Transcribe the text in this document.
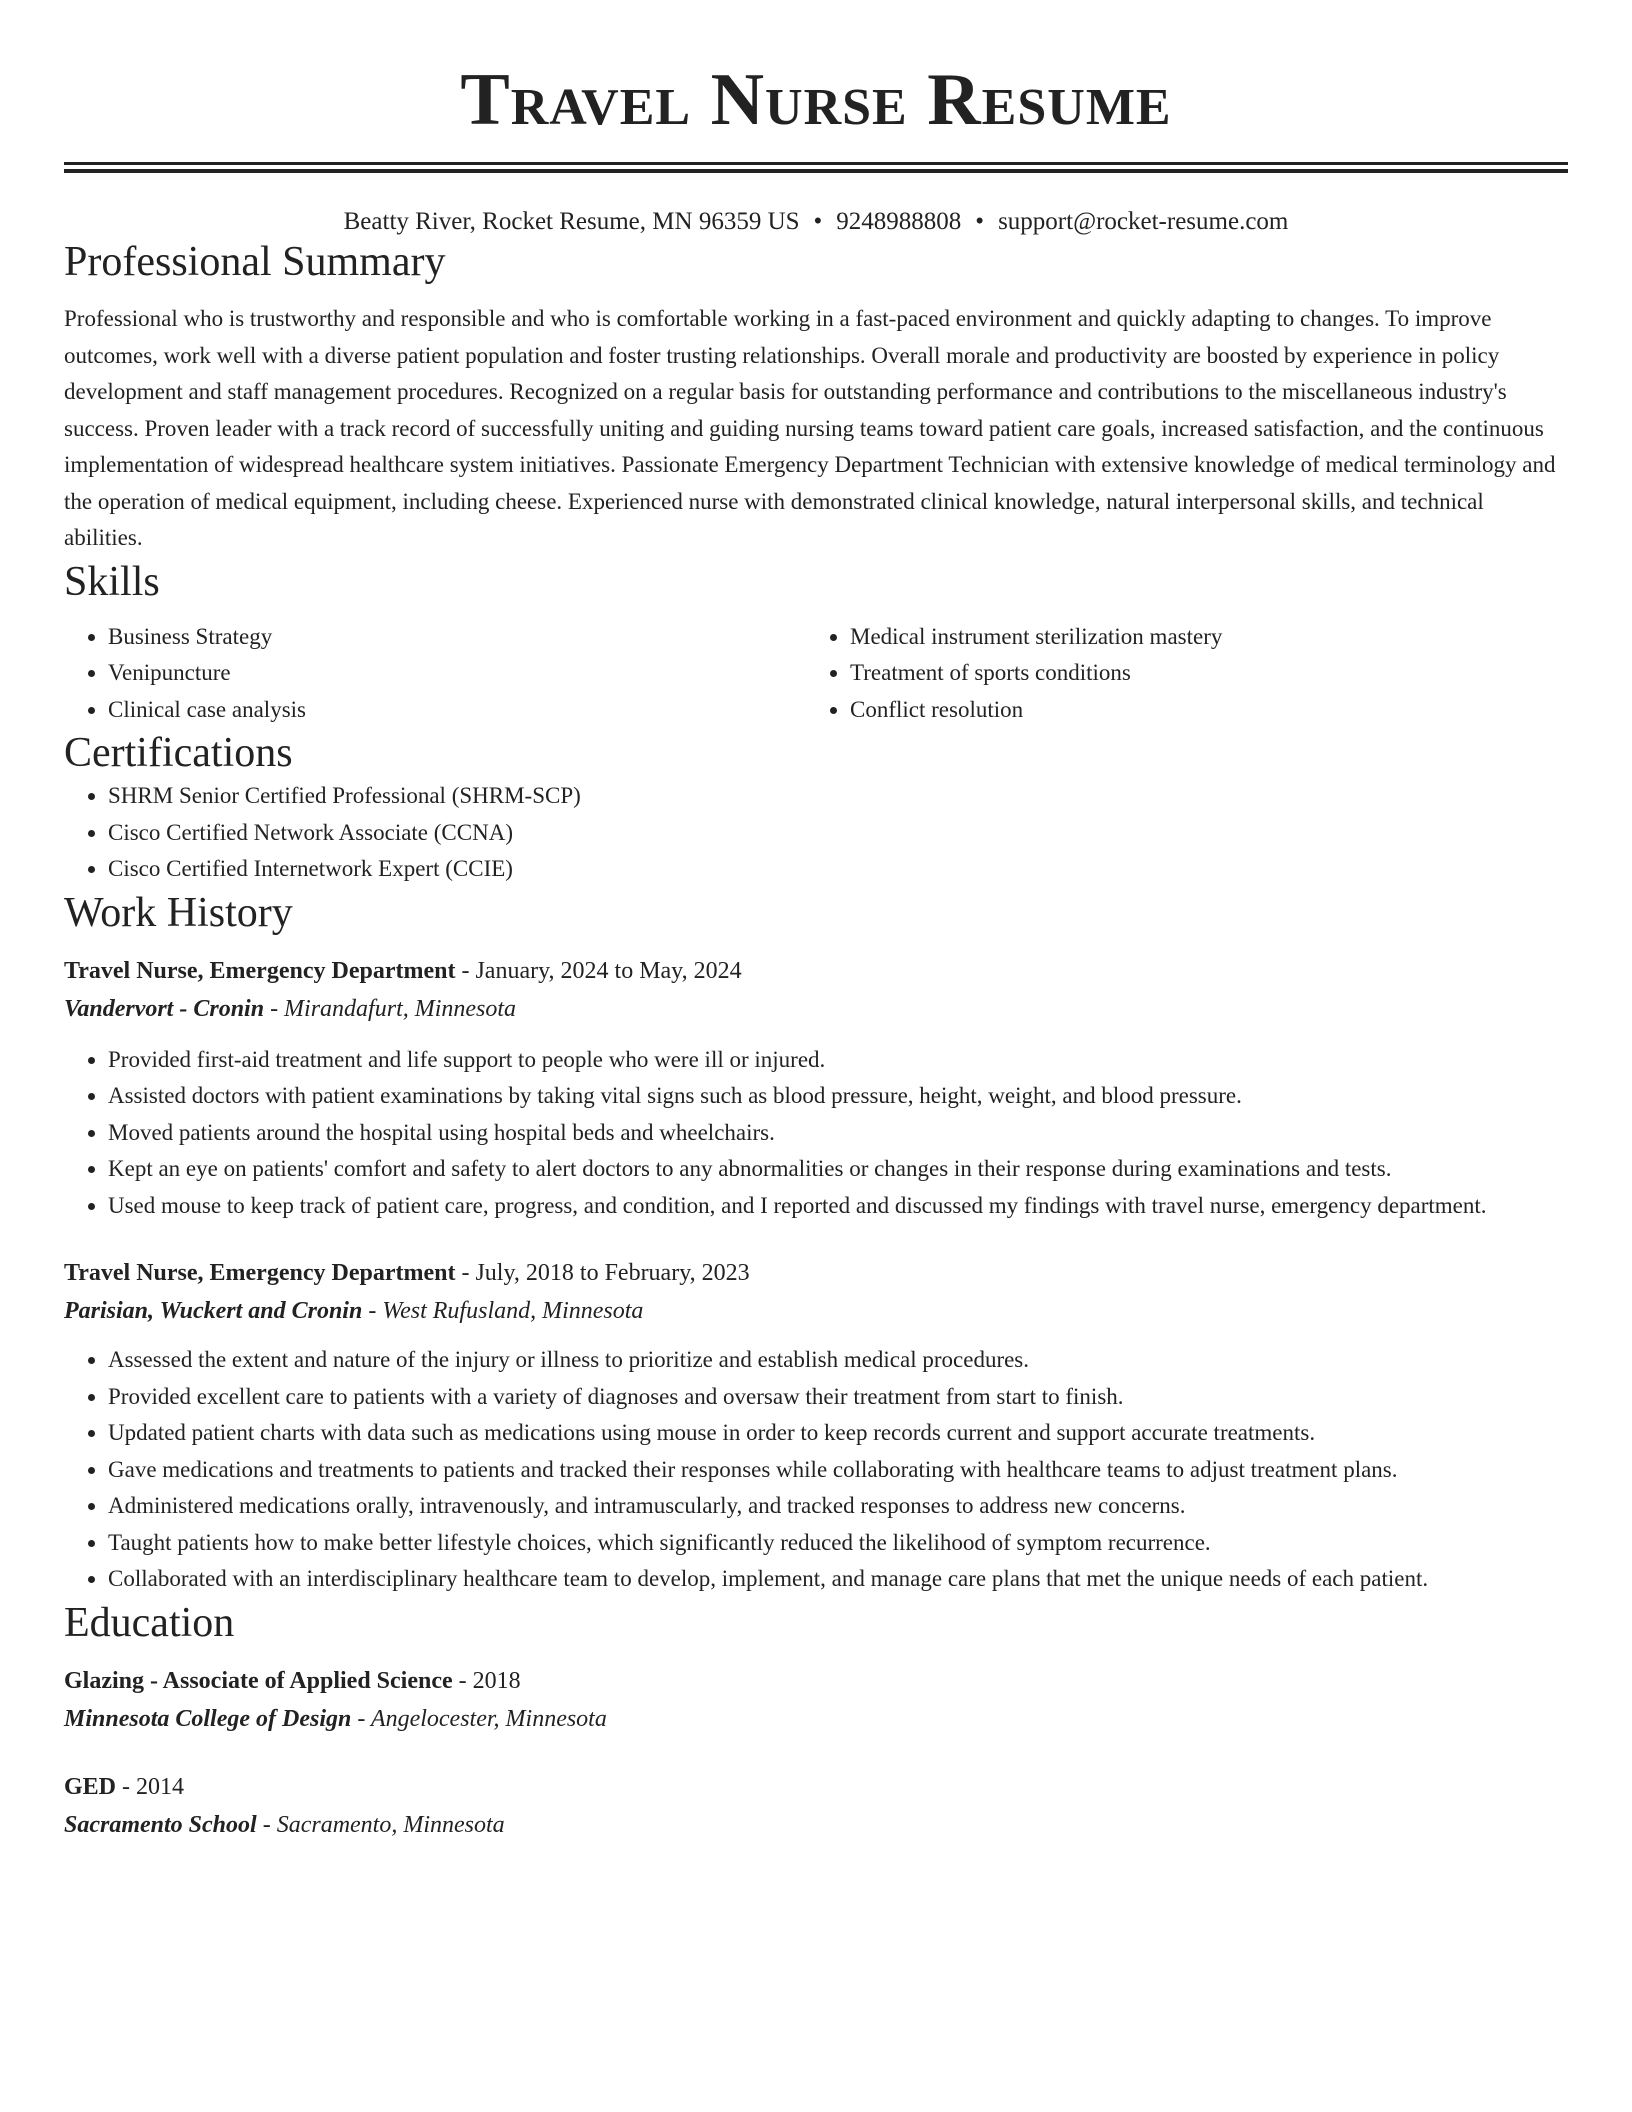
Travel Nurse Resume
Beatty River, Rocket Resume, MN 96359 US • 9248988808 • support@rocket-resume.com
Professional Summary

Professional who is trustworthy and responsible and who is comfortable working in a fast-paced environment and quickly adapting to changes. To improve outcomes, work well with a diverse patient population and foster trusting relationships. Overall morale and productivity are boosted by experience in policy development and staff management procedures. Recognized on a regular basis for outstanding performance and contributions to the miscellaneous industry's success. Proven leader with a track record of successfully uniting and guiding nursing teams toward patient care goals, increased satisfaction, and the continuous implementation of widespread healthcare system initiatives. Passionate Emergency Department Technician with extensive knowledge of medical terminology and the operation of medical equipment, including cheese. Experienced nurse with demonstrated clinical knowledge, natural interpersonal skills, and technical abilities.

Skills
• Business Strategy
• Venipuncture
• Clinical case analysis
• Medical instrument sterilization mastery
• Treatment of sports conditions
• Conflict resolution
Certifications
• SHRM Senior Certified Professional (SHRM-SCP)
• Cisco Certified Network Associate (CCNA)
• Cisco Certified Internetwork Expert (CCIE)
Work History
Travel Nurse, Emergency Department - January, 2024 to May, 2024
Vandervort - Cronin - Mirandafurt, Minnesota
• Provided first-aid treatment and life support to people who were ill or injured.
• Assisted doctors with patient examinations by taking vital signs such as blood pressure, height, weight, and blood pressure.
• Moved patients around the hospital using hospital beds and wheelchairs.
• Kept an eye on patients' comfort and safety to alert doctors to any abnormalities or changes in their response during examinations and tests.
• Used mouse to keep track of patient care, progress, and condition, and I reported and discussed my findings with travel nurse, emergency department.
Travel Nurse, Emergency Department - July, 2018 to February, 2023
Parisian, Wuckert and Cronin - West Rufusland, Minnesota
• Assessed the extent and nature of the injury or illness to prioritize and establish medical procedures.
• Provided excellent care to patients with a variety of diagnoses and oversaw their treatment from start to finish.
• Updated patient charts with data such as medications using mouse in order to keep records current and support accurate treatments.
• Gave medications and treatments to patients and tracked their responses while collaborating with healthcare teams to adjust treatment plans.
• Administered medications orally, intravenously, and intramuscularly, and tracked responses to address new concerns.
• Taught patients how to make better lifestyle choices, which significantly reduced the likelihood of symptom recurrence.
• Collaborated with an interdisciplinary healthcare team to develop, implement, and manage care plans that met the unique needs of each patient.
Education
Glazing - Associate of Applied Science - 2018
Minnesota College of Design - Angelocester, Minnesota
GED - 2014
Sacramento School - Sacramento, Minnesota
